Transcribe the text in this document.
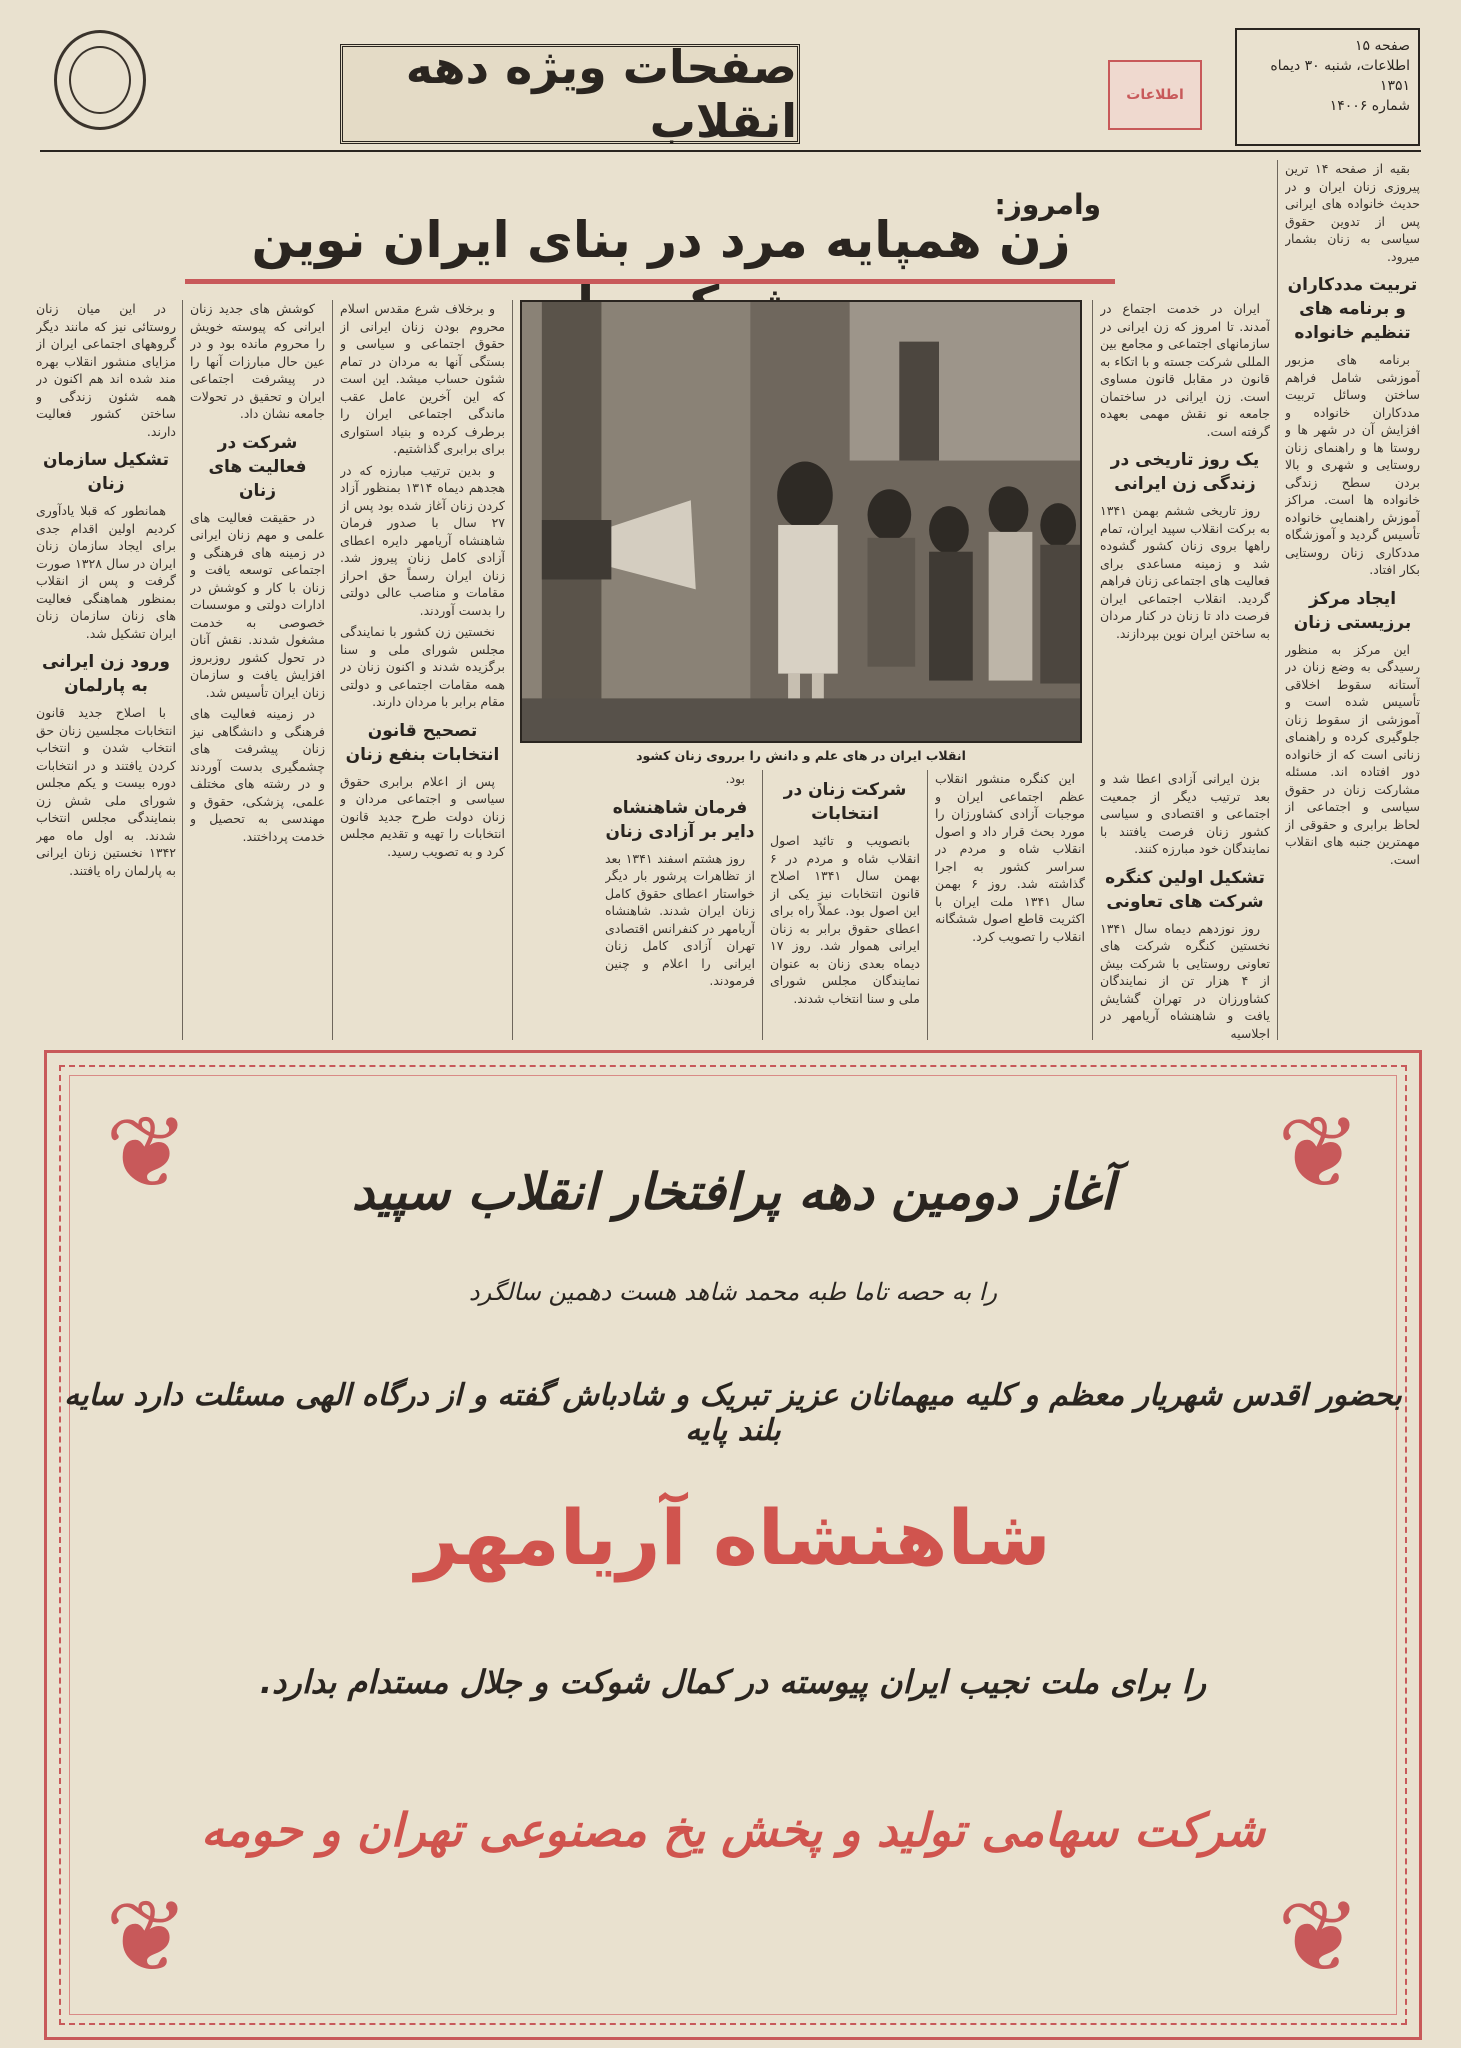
صفحات ویژه دهه انقلاب	اطلاعات
صفحه ۱۵
اطلاعات، شنبه ۳۰ دیماه ۱۳۵۱
شماره ۱۴۰۰۶
وامروز:
زن همپایه مرد در بنای ایران نوین

بقیه از صفحه ۱۴ ترین پیروزی زنان ایران و در حدیث خانواده های ایرانی پس از تدوین حقوق سیاسی به زنان بشمار میرود.

تربیت مددکاران و برنامه های تنظیم خانواده

برنامه های مزبور آموزشی شامل فراهم ساختن وسائل تربیت مددکاران خانواده و افزایش آن در شهر ها و روستا ها و راهنمای زنان روستایی و شهری و بالا بردن سطح زندگی خانواده ها است. مراکز آموزش راهنمایی خانواده تأسیس گردید و آموزشگاه مددکاری زنان روستایی بکار افتاد.

ایجاد مرکز برزیستی زنان

این مرکز به منظور رسیدگی به وضع زنان در آستانه سقوط اخلاقی تأسیس شده است و آموزشی از سقوط زنان جلوگیری کرده و راهنمای زنانی است که از خانواده دور افتاده اند. مسئله مشارکت زنان در حقوق سیاسی و اجتماعی از لحاظ برابری و حقوقی از مهمترین جنبه های انقلاب است.

ایران در خدمت اجتماع در آمدند. تا امروز که زن ایرانی در سازمانهای اجتماعی و مجامع بین المللی شرکت جسته و با اتکاء به قانون در مقابل قانون مساوی است. زن ایرانی در ساختمان جامعه نو نقش مهمی بعهده گرفته است.

یک روز تاریخی در زندگی زن ایرانی

روز تاریخی ششم بهمن ۱۳۴۱ به برکت انقلاب سپید ایران، تمام راهها بروی زنان کشور گشوده شد و زمینه مساعدی برای فعالیت های اجتماعی زنان فراهم گردید. انقلاب اجتماعی ایران فرصت داد تا زنان در کنار مردان به ساختن ایران نوین بپردازند.

بزن ایرانی آزادی اعطا شد و بعد ترتیب دیگر از جمعیت اجتماعی و اقتصادی و سیاسی کشور زنان فرصت یافتند با نمایندگان خود مبارزه کنند.

تشکیل اولین کنگره شرکت های تعاونی

روز نوزدهم دیماه سال ۱۳۴۱ نخستین کنگره شرکت های تعاونی روستایی با شرکت بیش از ۴ هزار تن از نمایندگان کشاورزان در تهران گشایش یافت و شاهنشاه آریامهر در اجلاسیه

انقلاب ایران در های علم و دانش را برروی زنان کشود

این کنگره منشور انقلاب عظم اجتماعی ایران و موجبات آزادی کشاورزان را مورد بحث قرار داد و اصول انقلاب شاه و مردم در سراسر کشور به اجرا گذاشته شد. روز ۶ بهمن سال ۱۳۴۱ ملت ایران با اکثریت قاطع اصول ششگانه انقلاب را تصویب کرد.

شرکت زنان در انتخابات

بانصویب و تائید اصول انقلاب شاه و مردم در ۶ بهمن سال ۱۳۴۱ اصلاح قانون انتخابات نیز یکی از این اصول بود. عملاً راه برای اعطای حقوق برابر به زنان ایرانی هموار شد. روز ۱۷ دیماه بعدی زنان به عنوان نمایندگان مجلس شورای ملی و سنا انتخاب شدند.

بود.

فرمان شاهنشاه دایر بر آزادی زنان

روز هشتم اسفند ۱۳۴۱ بعد از تظاهرات پرشور بار دیگر خواستار اعطای حقوق کامل زنان ایران شدند. شاهنشاه آریامهر در کنفرانس اقتصادی تهران آزادی کامل زنان ایرانی را اعلام و چنین فرمودند.

و برخلاف شرع مقدس اسلام محروم بودن زنان ایرانی از حقوق اجتماعی و سیاسی و بستگی آنها به مردان در تمام شئون حساب میشد. این است که این آخرین عامل عقب ماندگی اجتماعی ایران را برطرف کرده و بنیاد استواری برای برابری گذاشتیم.

و بدین ترتیب مبارزه که در هجدهم دیماه ۱۳۱۴ بمنظور آزاد کردن زنان آغاز شده بود پس از ۲۷ سال با صدور فرمان شاهنشاه آریامهر دایره اعطای آزادی کامل زنان پیروز شد. زنان ایران رسماً حق احراز مقامات و مناصب عالی دولتی را بدست آوردند.

نخستین زن کشور با نمایندگی مجلس شورای ملی و سنا برگزیده شدند و اکنون زنان در همه مقامات اجتماعی و دولتی مقام برابر با مردان دارند.

تصحیح قانون انتخابات بنفع زنان

پس از اعلام برابری حقوق سیاسی و اجتماعی مردان و زنان دولت طرح جدید قانون انتخابات را تهیه و تقدیم مجلس کرد و به تصویب رسید.

کوشش های جدید زنان ایرانی که پیوسته خویش را محروم مانده بود و در عین حال مبارزات آنها را در پیشرفت اجتماعی ایران و تحقیق در تحولات جامعه نشان داد.

شرکت در فعالیت های زنان

در حقیقت فعالیت های علمی و مهم زنان ایرانی در زمینه های فرهنگی و اجتماعی توسعه یافت و زنان با کار و کوشش در ادارات دولتی و موسسات خصوصی به خدمت مشغول شدند. نقش آنان در تحول کشور روزبروز افزایش یافت و سازمان زنان ایران تأسیس شد.

در زمینه فعالیت های فرهنگی و دانشگاهی نیز زنان پیشرفت های چشمگیری بدست آوردند و در رشته های مختلف علمی، پزشکی، حقوق و مهندسی به تحصیل و خدمت پرداختند.

در این میان زنان روستائی نیز که مانند دیگر گروههای اجتماعی ایران از مزایای منشور انقلاب بهره مند شده اند هم اکنون در همه شئون زندگی و ساختن کشور فعالیت دارند.

تشکیل سازمان زنان

همانطور که قبلا یادآوری کردیم اولین اقدام جدی برای ایجاد سازمان زنان ایران در سال ۱۳۲۸ صورت گرفت و پس از انقلاب بمنظور هماهنگی فعالیت های زنان سازمان زنان ایران تشکیل شد.

ورود زن ایرانی به پارلمان

با اصلاح جدید قانون انتخابات مجلسین زنان حق انتخاب شدن و انتخاب کردن یافتند و در انتخابات دوره بیست و یکم مجلس شورای ملی شش زن بنمایندگی مجلس انتخاب شدند. به اول ماه مهر ۱۳۴۲ نخستین زنان ایرانی به پارلمان راه یافتند.

❦	❦
❦	❦
آغاز دومین دهه پرافتخار انقلاب سپید
را به حصه تاما طبه محمد شاهد هست دهمین سالگرد
بحضور اقدس شهریار معظم و کلیه میهمانان عزیز تبریک و شادباش گفته و از درگاه الهی مسئلت دارد سایه بلند پایه
شاهنشاه آریامهر
را برای ملت نجیب ایران پیوسته در کمال شوکت و جلال مستدام بدارد.
شرکت سهامی تولید و پخش یخ مصنوعی تهران و حومه
